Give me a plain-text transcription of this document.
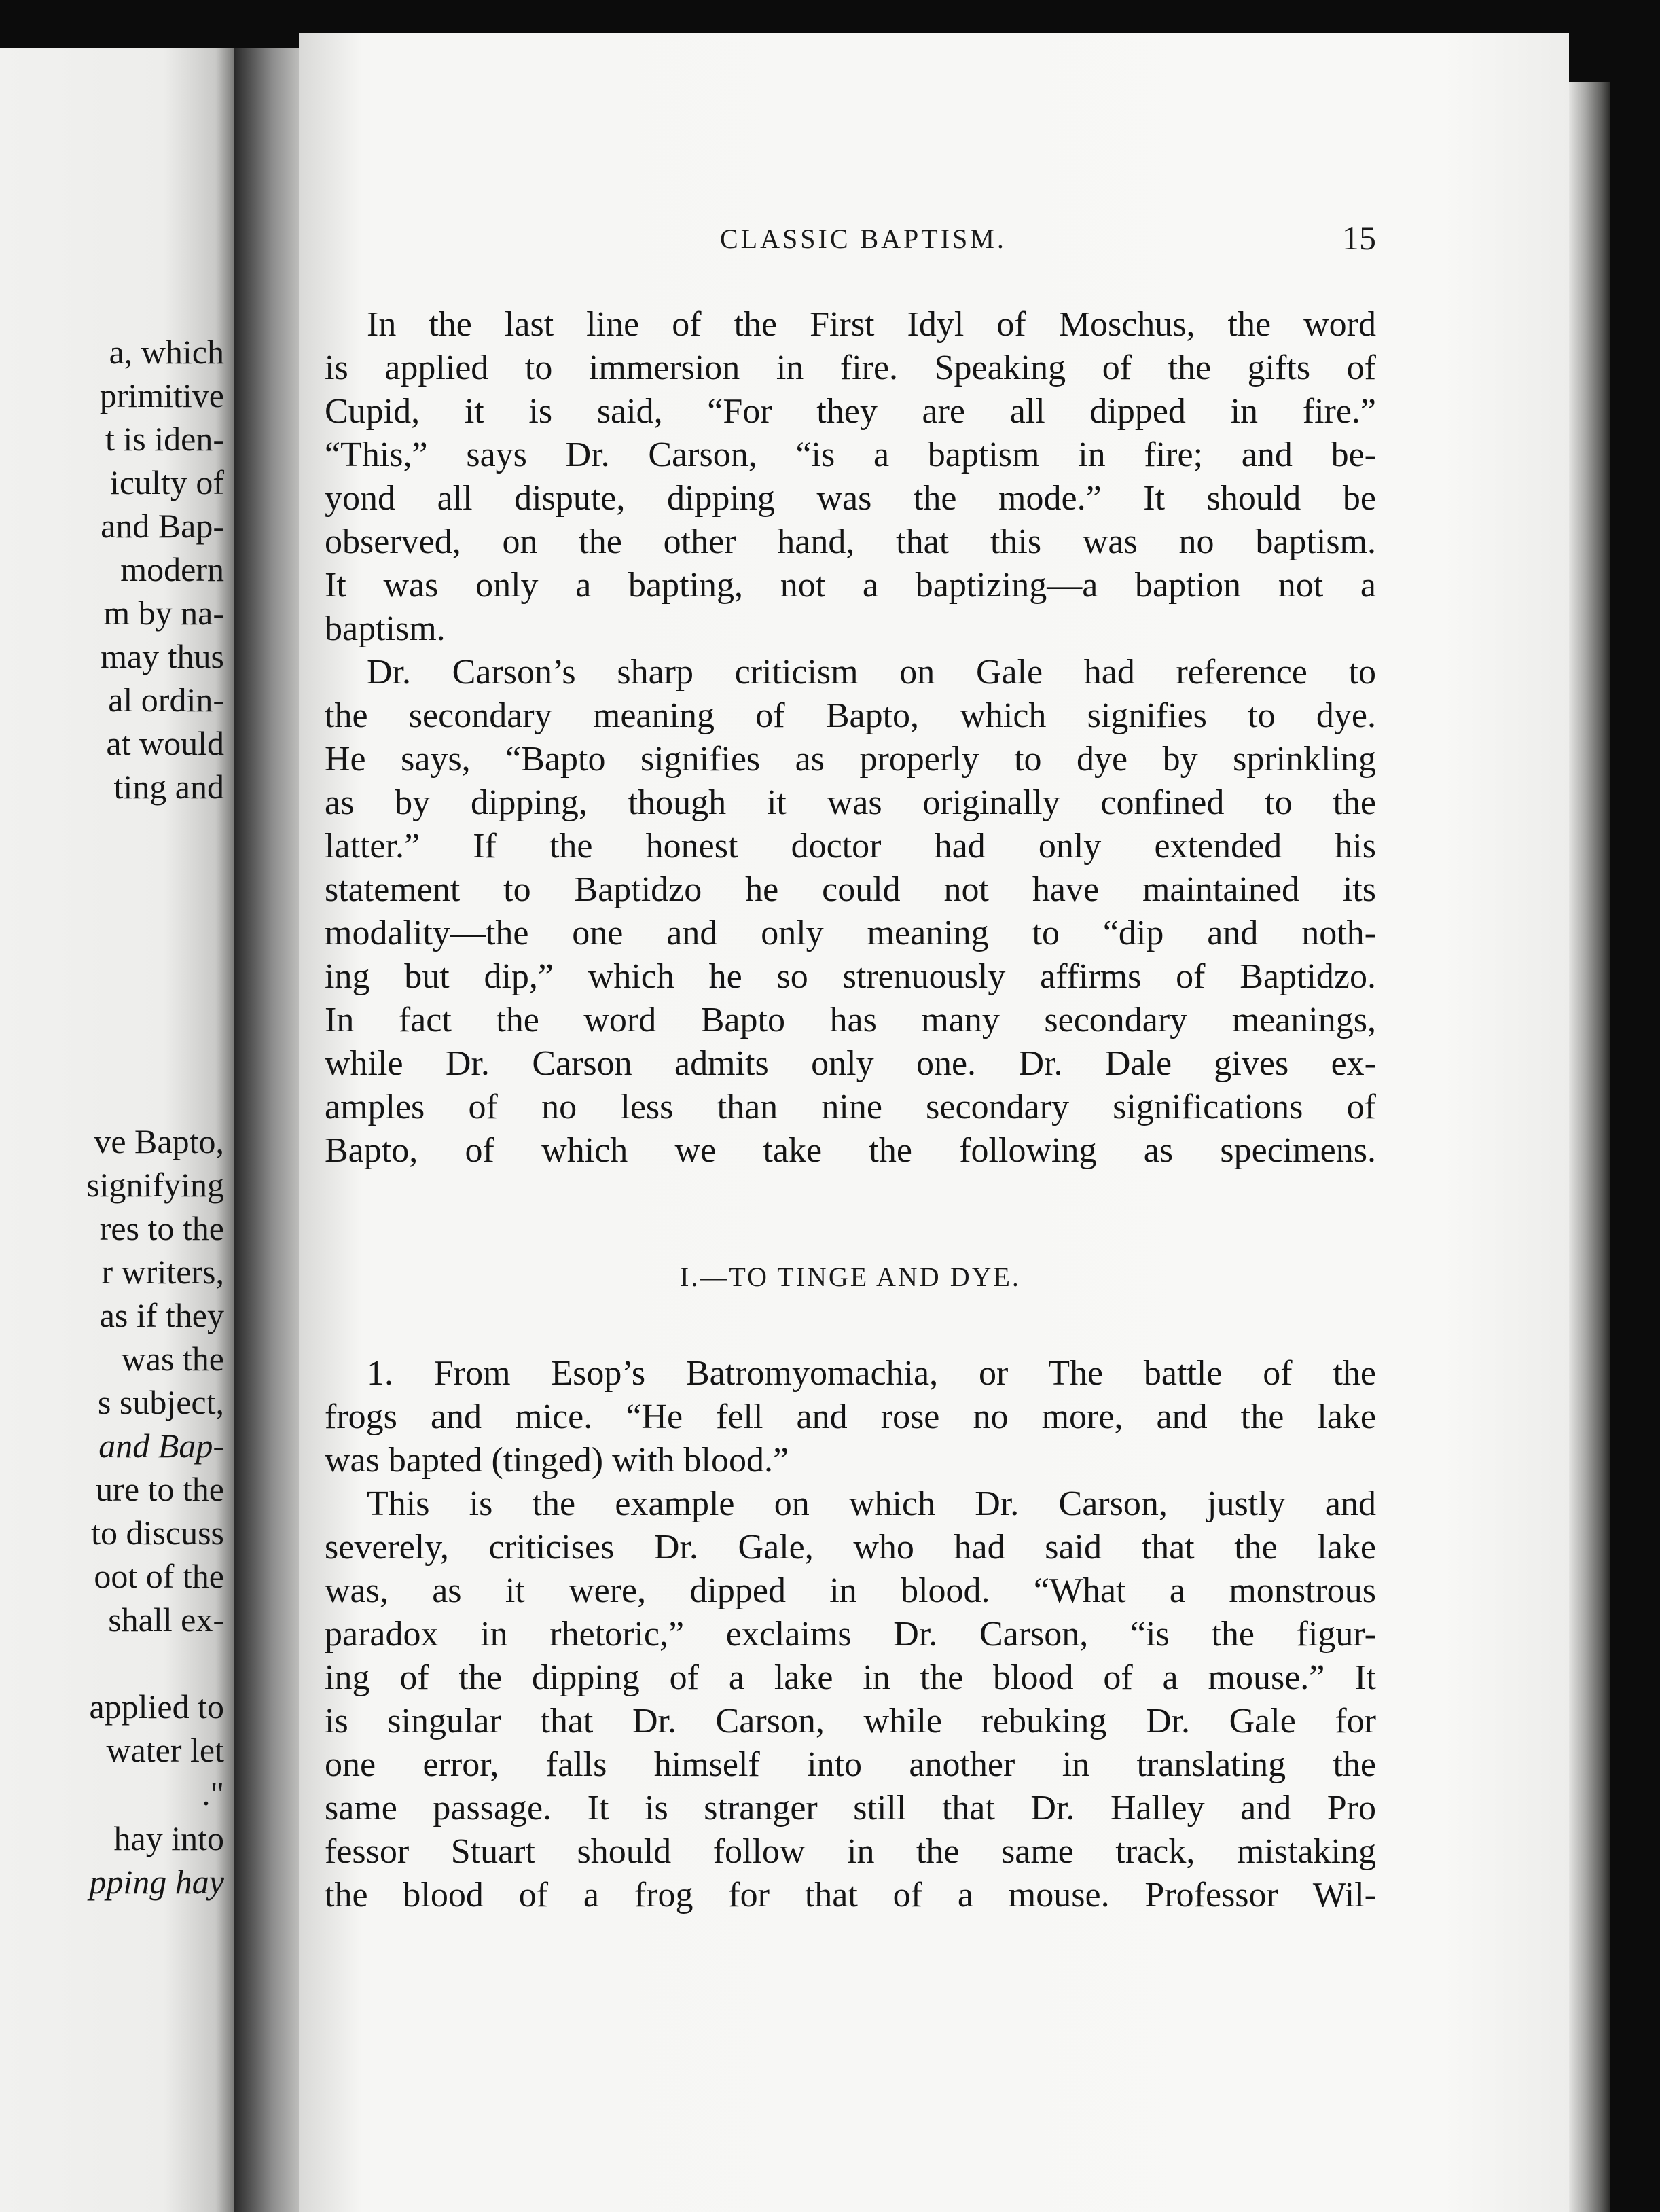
a, which
primitive
t is iden-
iculty of
and Bap-
modern
m by na-
may thus
al ordin-
at would
ting and
ve Bapto,
signifying
res to the
r writers,
as if they
was the
s subject,
and Bap-
ure to the
to discuss
oot of the
shall ex-
applied to
water let
."
hay into
pping hay
CLASSIC BAPTISM.	15
In the last line of the First Idyl of Moschus, the word
is applied to immersion in fire. Speaking of the gifts of
Cupid, it is said, “For they are all dipped in fire.”
“This,” says Dr. Carson, “is a baptism in fire; and be-
yond all dispute, dipping was the mode.” It should be
observed, on the other hand, that this was no baptism.
It was only a bapting, not a baptizing—a baption not a
baptism.
Dr. Carson’s sharp criticism on Gale had reference to
the secondary meaning of Bapto, which signifies to dye.
He says, “Bapto signifies as properly to dye by sprinkling
as by dipping, though it was originally confined to the
latter.” If the honest doctor had only extended his
statement to Baptidzo he could not have maintained its
modality—the one and only meaning to “dip and noth-
ing but dip,” which he so strenuously affirms of Baptidzo.
In fact the word Bapto has many secondary meanings,
while Dr. Carson admits only one. Dr. Dale gives ex-
amples of no less than nine secondary significations of
Bapto, of which we take the following as specimens.
I.—TO TINGE AND DYE.
1. From Esop’s Batromyomachia, or The battle of the
frogs and mice. “He fell and rose no more, and the lake
was bapted (tinged) with blood.”
This is the example on which Dr. Carson, justly and
severely, criticises Dr. Gale, who had said that the lake
was, as it were, dipped in blood. “What a monstrous
paradox in rhetoric,” exclaims Dr. Carson, “is the figur-
ing of the dipping of a lake in the blood of a mouse.” It
is singular that Dr. Carson, while rebuking Dr. Gale for
one error, falls himself into another in translating the
same passage. It is stranger still that Dr. Halley and Pro
fessor Stuart should follow in the same track, mistaking
the blood of a frog for that of a mouse. Professor Wil-
